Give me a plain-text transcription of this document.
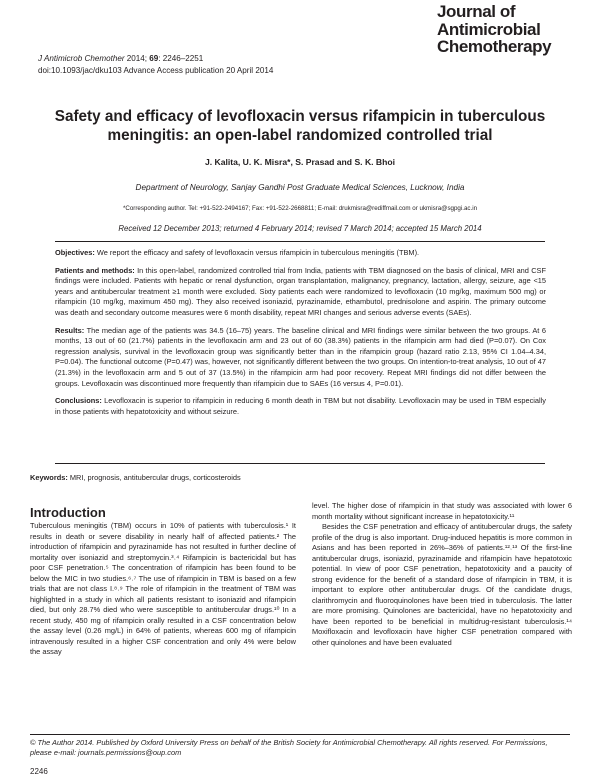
Journal of
Antimicrobial
Chemotherapy
J Antimicrob Chemother 2014; 69: 2246–2251
doi:10.1093/jac/dku103 Advance Access publication 20 April 2014
Safety and efficacy of levofloxacin versus rifampicin in tuberculous meningitis: an open-label randomized controlled trial
J. Kalita, U. K. Misra*, S. Prasad and S. K. Bhoi
Department of Neurology, Sanjay Gandhi Post Graduate Medical Sciences, Lucknow, India
*Corresponding author. Tel: +91-522-2494167; Fax: +91-522-2668811; E-mail: drukmisra@rediffmail.com or ukmisra@sgpgi.ac.in
Received 12 December 2013; returned 4 February 2014; revised 7 March 2014; accepted 15 March 2014
Objectives: We report the efficacy and safety of levofloxacin versus rifampicin in tuberculous meningitis (TBM).
Patients and methods: In this open-label, randomized controlled trial from India, patients with TBM diagnosed on the basis of clinical, MRI and CSF findings were included. Patients with hepatic or renal dysfunction, organ transplantation, malignancy, pregnancy, lactation, allergy, seizure, age <15 years and antitubercular treatment ≥1 month were excluded. Sixty patients each were randomized to levofloxacin (10 mg/kg, maximum 500 mg) or rifampicin (10 mg/kg, maximum 450 mg). They also received isoniazid, pyrazinamide, ethambutol, prednisolone and aspirin. The primary outcome was death and secondary outcome measures were 6 month disability, repeat MRI changes and serious adverse events (SAEs).
Results: The median age of the patients was 34.5 (16–75) years. The baseline clinical and MRI findings were similar between the two groups. At 6 months, 13 out of 60 (21.7%) patients in the levofloxacin arm and 23 out of 60 (38.3%) patients in the rifampicin arm had died (P=0.07). On Cox regression analysis, survival in the levofloxacin group was significantly better than in the rifampicin group (hazard ratio 2.13, 95% CI 1.04–4.34, P=0.04). The functional outcome (P=0.47) was, however, not significantly different between the two groups. On intention-to-treat analysis, 10 out of 47 (21.3%) in the levofloxacin arm and 5 out of 37 (13.5%) in the rifampicin arm had poor recovery. Repeat MRI findings did not differ between the groups. Levofloxacin was discontinued more frequently than rifampicin due to SAEs (16 versus 4, P=0.01).
Conclusions: Levofloxacin is superior to rifampicin in reducing 6 month death in TBM but not disability. Levofloxacin may be used in TBM especially in those patients with hepatotoxicity and without seizure.
Keywords: MRI, prognosis, antitubercular drugs, corticosteroids
Introduction

Tuberculous meningitis (TBM) occurs in 10% of patients with tuberculosis.¹ It results in death or severe disability in nearly half of affected patients.² The introduction of rifampicin and pyrazinamide has not resulted in further decline of mortality over isoniazid and streptomycin.³˒⁴ Rifampicin is bactericidal but has poor CSF penetration.⁵ The concentration of rifampicin has been found to be below the MIC in two studies.⁶˒⁷ The use of rifampicin in TBM is based on a few trials that are not class I.⁸˒⁹ The role of rifampicin in the treatment of TBM was highlighted in a study in which all patients resistant to isoniazid and rifampicin died, but only 28.7% died who were susceptible to antitubercular drugs.¹⁰ In a recent study, 450 mg of rifampicin orally resulted in a CSF concentration below the assay level (0.26 mg/L) in 64% of patients, whereas 600 mg of rifampicin intravenously resulted in a higher CSF concentration and only 4% were below the assay

level. The higher dose of rifampicin in that study was associated with lower 6 month mortality without significant increase in hepatotoxicity.¹¹

Besides the CSF penetration and efficacy of antitubercular drugs, the safety profile of the drug is also important. Drug-induced hepatitis is more common in Asians and has been reported in 26%–36% of patients.¹²˒¹³ Of the first-line antitubercular drugs, isoniazid, pyrazinamide and rifampicin have hepatotoxic potential. In view of poor CSF penetration, hepatotoxicity and a paucity of strong evidence for the benefit of a standard dose of rifampicin in TBM, it is important to explore other antitubercular drugs. Of the candidate drugs, clarithromycin and fluoroquinolones have been tried in tuberculosis. The latter are more promising. Quinolones are bactericidal, have no hepatotoxicity and have been reported to be beneficial in multidrug-resistant tuberculosis.¹⁴ Moxifloxacin and levofloxacin have higher CSF penetration compared with other quinolones and have been evaluated

© The Author 2014. Published by Oxford University Press on behalf of the British Society for Antimicrobial Chemotherapy. All rights reserved. For Permissions, please e-mail: journals.permissions@oup.com
2246
